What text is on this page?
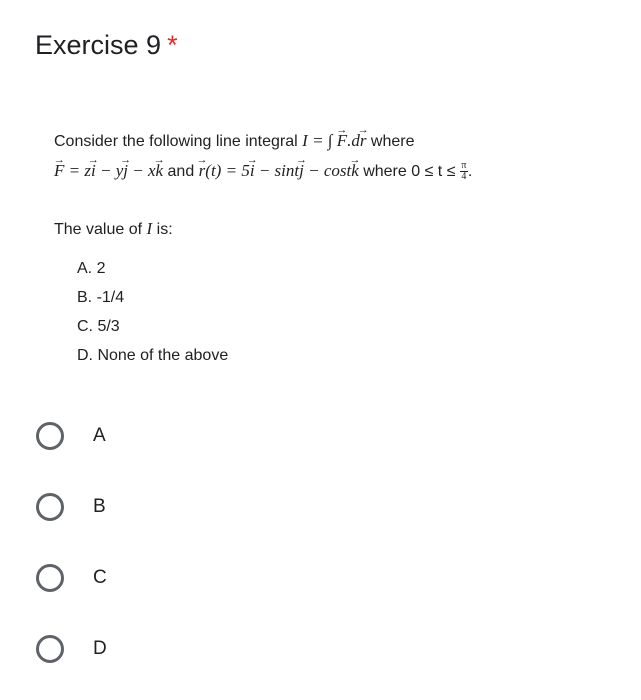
Exercise 9 *
Consider the following line integral I = ∫ F →.dr → where
F → = zi → − yj → − xk → and r →(t) = 5i → − sintj → − costk → where $0 \le t \le \frac{\pi}{4}$ .
The value of I is:
A. 2
B. -1/4
C. 5/3
D. None of the above
A
B
C
D
